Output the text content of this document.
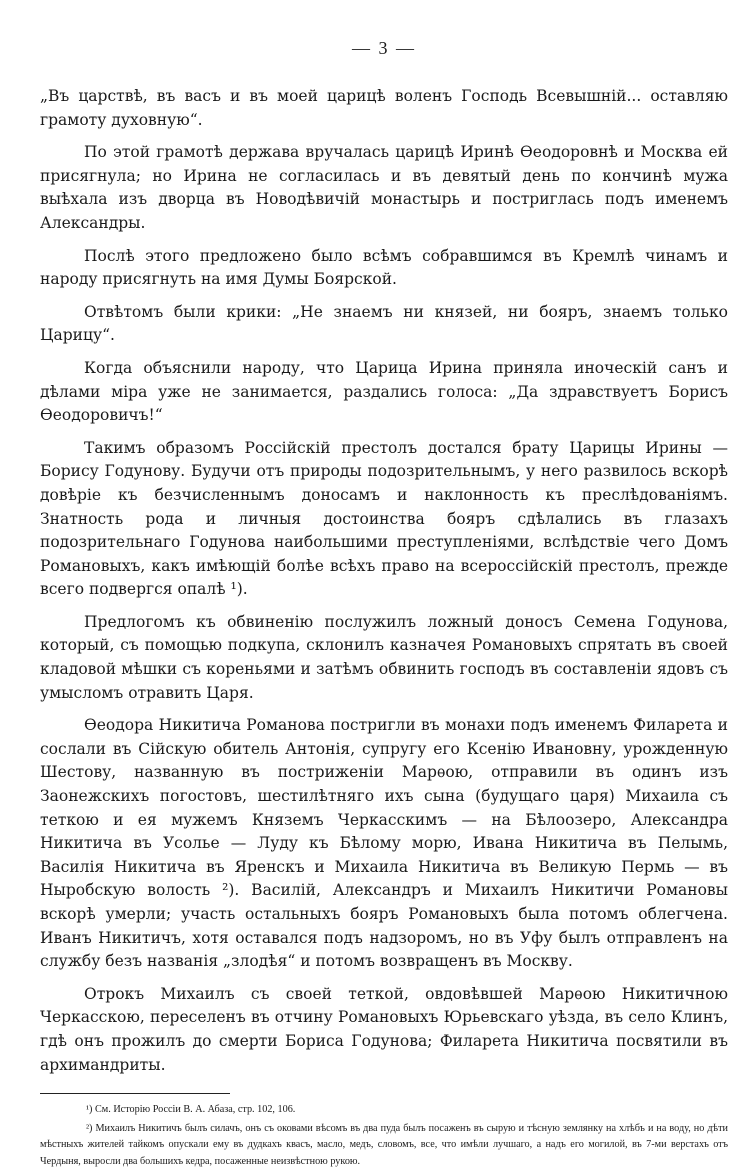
— 3 —

„Въ царствѣ, въ васъ и въ моей царицѣ воленъ Господь Всевышній... оставляю грамоту духовную“.

По этой грамотѣ держава вручалась царицѣ Иринѣ Ѳеодоровнѣ и Москва ей присягнула; но Ирина не согласилась и въ девятый день по кончинѣ мужа выѣхала изъ дворца въ Новодѣвичій монастырь и постриглась подъ именемъ Александры.

Послѣ этого предложено было всѣмъ собравшимся въ Кремлѣ чинамъ и народу присягнуть на имя Думы Боярской.

Отвѣтомъ были крики: „Не знаемъ ни князей, ни бояръ, знаемъ только Царицу“.

Когда объяснили народу, что Царица Ирина приняла иноческій санъ и дѣлами міра уже не занимается, раздались голоса: „Да здравствуетъ Борисъ Ѳеодоровичъ!“

Такимъ образомъ Россійскій престолъ достался брату Царицы Ирины — Борису Годунову. Будучи отъ природы подозрительнымъ, у него развилось вскорѣ довѣріе къ безчисленнымъ доносамъ и наклонность къ преслѣдованіямъ. Знатность рода и личныя достоинства бояръ сдѣлались въ глазахъ подозрительнаго Годунова наибольшими преступленіями, вслѣдствіе чего Домъ Романовыхъ, какъ имѣющій болѣе всѣхъ право на всероссійскій престолъ, прежде всего подвергся опалѣ ¹).

Предлогомъ къ обвиненію послужилъ ложный доносъ Семена Годунова, который, съ помощью подкупа, склонилъ казначея Романовыхъ спрятать въ своей кладовой мѣшки съ кореньями и затѣмъ обвинить господъ въ составленіи ядовъ съ умысломъ отравить Царя.

Ѳеодора Никитича Романова постригли въ монахи подъ именемъ Филарета и сослали въ Сійскую обитель Антонія, супругу его Ксенію Ивановну, урожденную Шестову, названную въ постриженіи Марѳою, отправили въ одинъ изъ Заонежскихъ погостовъ, шестилѣтняго ихъ сына (будущаго царя) Михаила съ теткою и ея мужемъ Княземъ Черкасскимъ — на Бѣлоозеро, Александра Никитича въ Усолье — Луду къ Бѣлому морю, Ивана Никитича въ Пелымь, Василія Никитича въ Яренскъ и Михаила Никитича въ Великую Пермь — въ Ныробскую волость ²). Василій, Александръ и Михаилъ Никитичи Романовы вскорѣ умерли; участь остальныхъ бояръ Романовыхъ была потомъ облегчена. Иванъ Никитичъ, хотя оставался подъ надзоромъ, но въ Уфу былъ отправленъ на службу безъ названія „злодѣя“ и потомъ возвращенъ въ Москву.

Отрокъ Михаилъ съ своей теткой, овдовѣвшей Марѳою Никитичною Черкасскою, переселенъ въ отчину Романовыхъ Юрьевскаго уѣзда, въ село Клинъ, гдѣ онъ прожилъ до смерти Бориса Годунова; Филарета Никитича посвятили въ архимандриты.

¹) См. Исторію Россіи В. А. Абаза, стр. 102, 106.

²) Михаилъ Никитичъ былъ силачъ, онъ съ оковами вѣсомъ въ два пуда былъ посаженъ въ сырую и тѣсную землянку на хлѣбъ и на воду, но дѣти мѣстныхъ жителей тайкомъ опускали ему въ дудкахъ квасъ, масло, медъ, словомъ, все, что имѣли лучшаго, а надъ его могилой, въ 7-ми верстахъ отъ Чердыня, выросли два большихъ кедра, посаженные неизвѣстною рукою.
